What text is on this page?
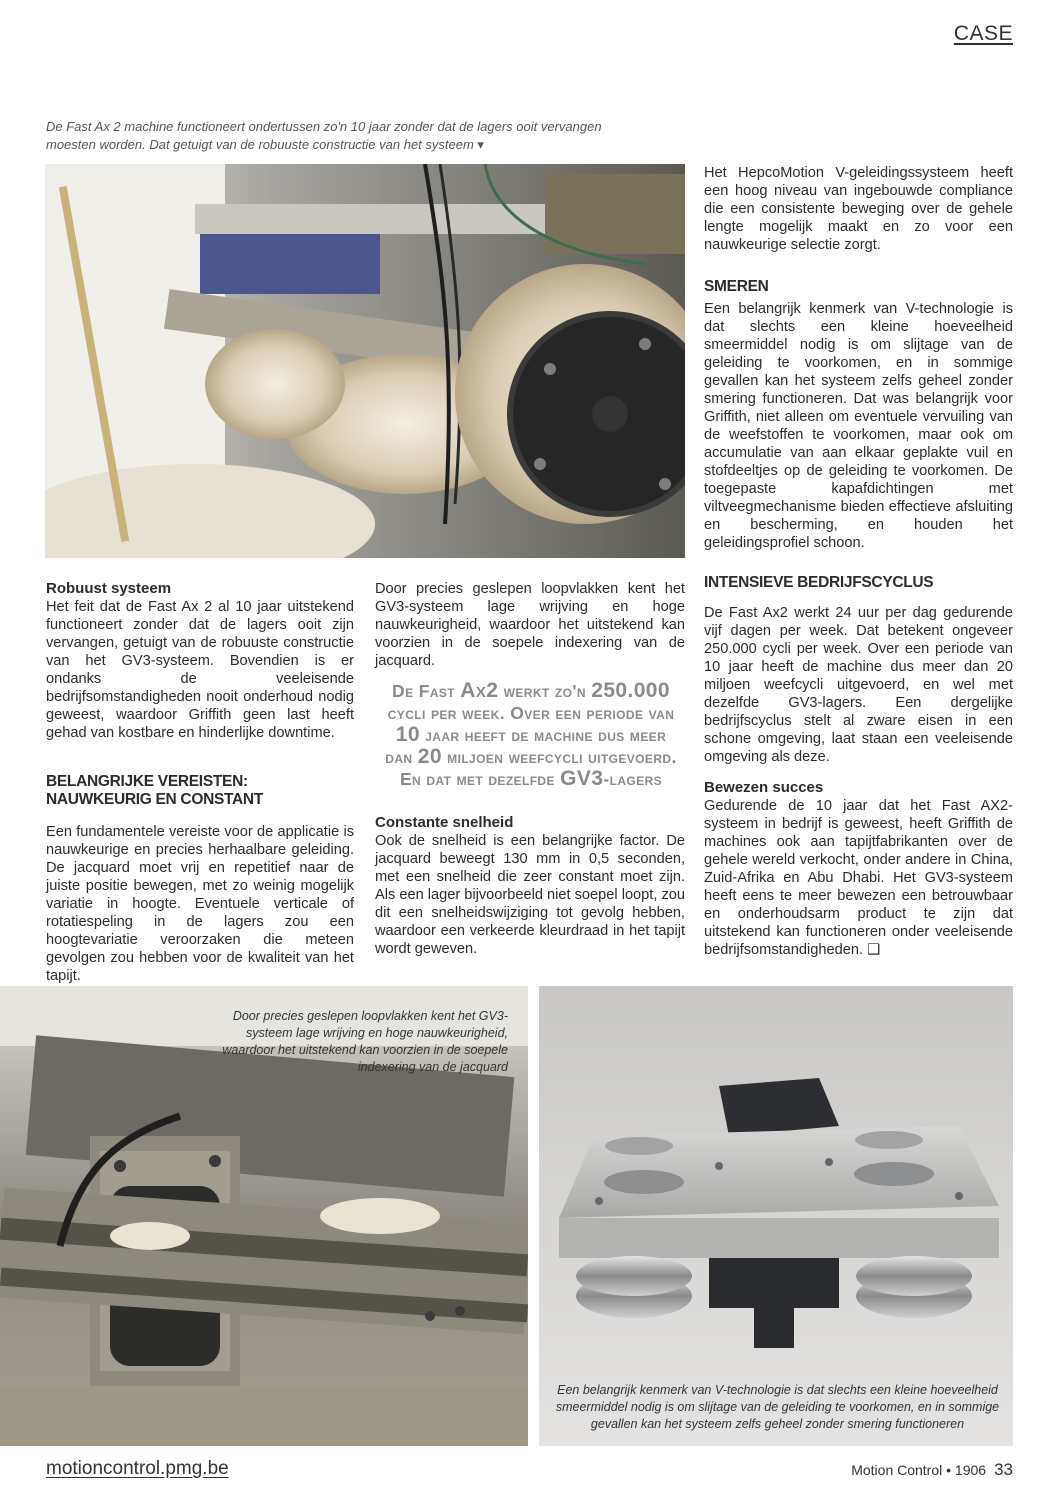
CASE
De Fast Ax 2 machine functioneert ondertussen zo'n 10 jaar zonder dat de lagers ooit vervangen
moesten worden. Dat getuigt van de robuuste constructie van het systeem ▾

Robuust systeem

Het feit dat de Fast Ax 2 al 10 jaar uitstekend functioneert zonder dat de lagers ooit zijn vervangen, getuigt van de robuuste constructie van het GV3-systeem. Bovendien is er ondanks de veeleisende bedrijfsomstandigheden nooit onderhoud nodig geweest, waardoor Griffith geen last heeft gehad van kostbare en hinderlijke downtime.

BELANGRIJKE VEREISTEN:
NAUWKEURIG EN CONSTANT

Een fundamentele vereiste voor de applicatie is nauwkeurige en precies herhaalbare geleiding. De jacquard moet vrij en repetitief naar de juiste positie bewegen, met zo weinig mogelijk variatie in hoogte. Eventuele verticale of rotatiespeling in de lagers zou een hoogtevariatie veroorzaken die meteen gevolgen zou hebben voor de kwaliteit van het tapijt.

Door precies geslepen loopvlakken kent het GV3-systeem lage wrijving en hoge nauwkeurigheid, waardoor het uitstekend kan voorzien in de soepele indexering van de jacquard.

De Fast Ax2 werkt zo'n 250.000
cycli per week. Over een periode van
10 jaar heeft de machine dus meer
dan 20 miljoen weefcycli uitgevoerd.
En dat met dezelfde GV3-lagers

Constante snelheid

Ook de snelheid is een belangrijke factor. De jacquard beweegt 130 mm in 0,5 seconden, met een snelheid die zeer constant moet zijn. Als een lager bijvoorbeeld niet soepel loopt, zou dit een snelheidswijziging tot gevolg hebben, waardoor een verkeerde kleurdraad in het tapijt wordt geweven.

Het HepcoMotion V-geleidingssysteem heeft een hoog niveau van ingebouwde compliance die een consistente beweging over de gehele lengte mogelijk maakt en zo voor een nauwkeurige selectie zorgt.

SMEREN

Een belangrijk kenmerk van V-technologie is dat slechts een kleine hoeveelheid smeermiddel nodig is om slijtage van de geleiding te voorkomen, en in sommige gevallen kan het systeem zelfs geheel zonder smering functioneren. Dat was belangrijk voor Griffith, niet alleen om eventuele vervuiling van de weefstoffen te voorkomen, maar ook om accumulatie van aan elkaar geplakte vuil en stofdeeltjes op de geleiding te voorkomen. De toegepaste kapafdichtingen met viltveegmechanisme bieden effectieve afsluiting en bescherming, en houden het geleidingsprofiel schoon.

INTENSIEVE BEDRIJFSCYCLUS

De Fast Ax2 werkt 24 uur per dag gedurende vijf dagen per week. Dat betekent ongeveer 250.000 cycli per week. Over een periode van 10 jaar heeft de machine dus meer dan 20 miljoen weefcycli uitgevoerd, en wel met dezelfde GV3-lagers. Een dergelijke bedrijfscyclus stelt al zware eisen in een schone omgeving, laat staan een veeleisende omgeving als deze.

Bewezen succes

Gedurende de 10 jaar dat het Fast AX2-systeem in bedrijf is geweest, heeft Griffith de machines ook aan tapijtfabrikanten over de gehele wereld verkocht, onder andere in China, Zuid-Afrika en Abu Dhabi. Het GV3-systeem heeft eens te meer bewezen een betrouwbaar en onderhoudsarm product te zijn dat uitstekend kan functioneren onder veeleisende bedrijfsomstandigheden. ❑

Door precies geslepen loopvlakken kent het GV3-systeem lage wrijving en hoge nauwkeurigheid, waardoor het uitstekend kan voorzien in de soepele indexering van de jacquard
Een belangrijk kenmerk van V-technologie is dat slechts een kleine hoeveelheid smeermiddel nodig is om slijtage van de geleiding te voorkomen, en in sommige gevallen kan het systeem zelfs geheel zonder smering functioneren
motioncontrol.pmg.be	Motion Control • 1906 33
